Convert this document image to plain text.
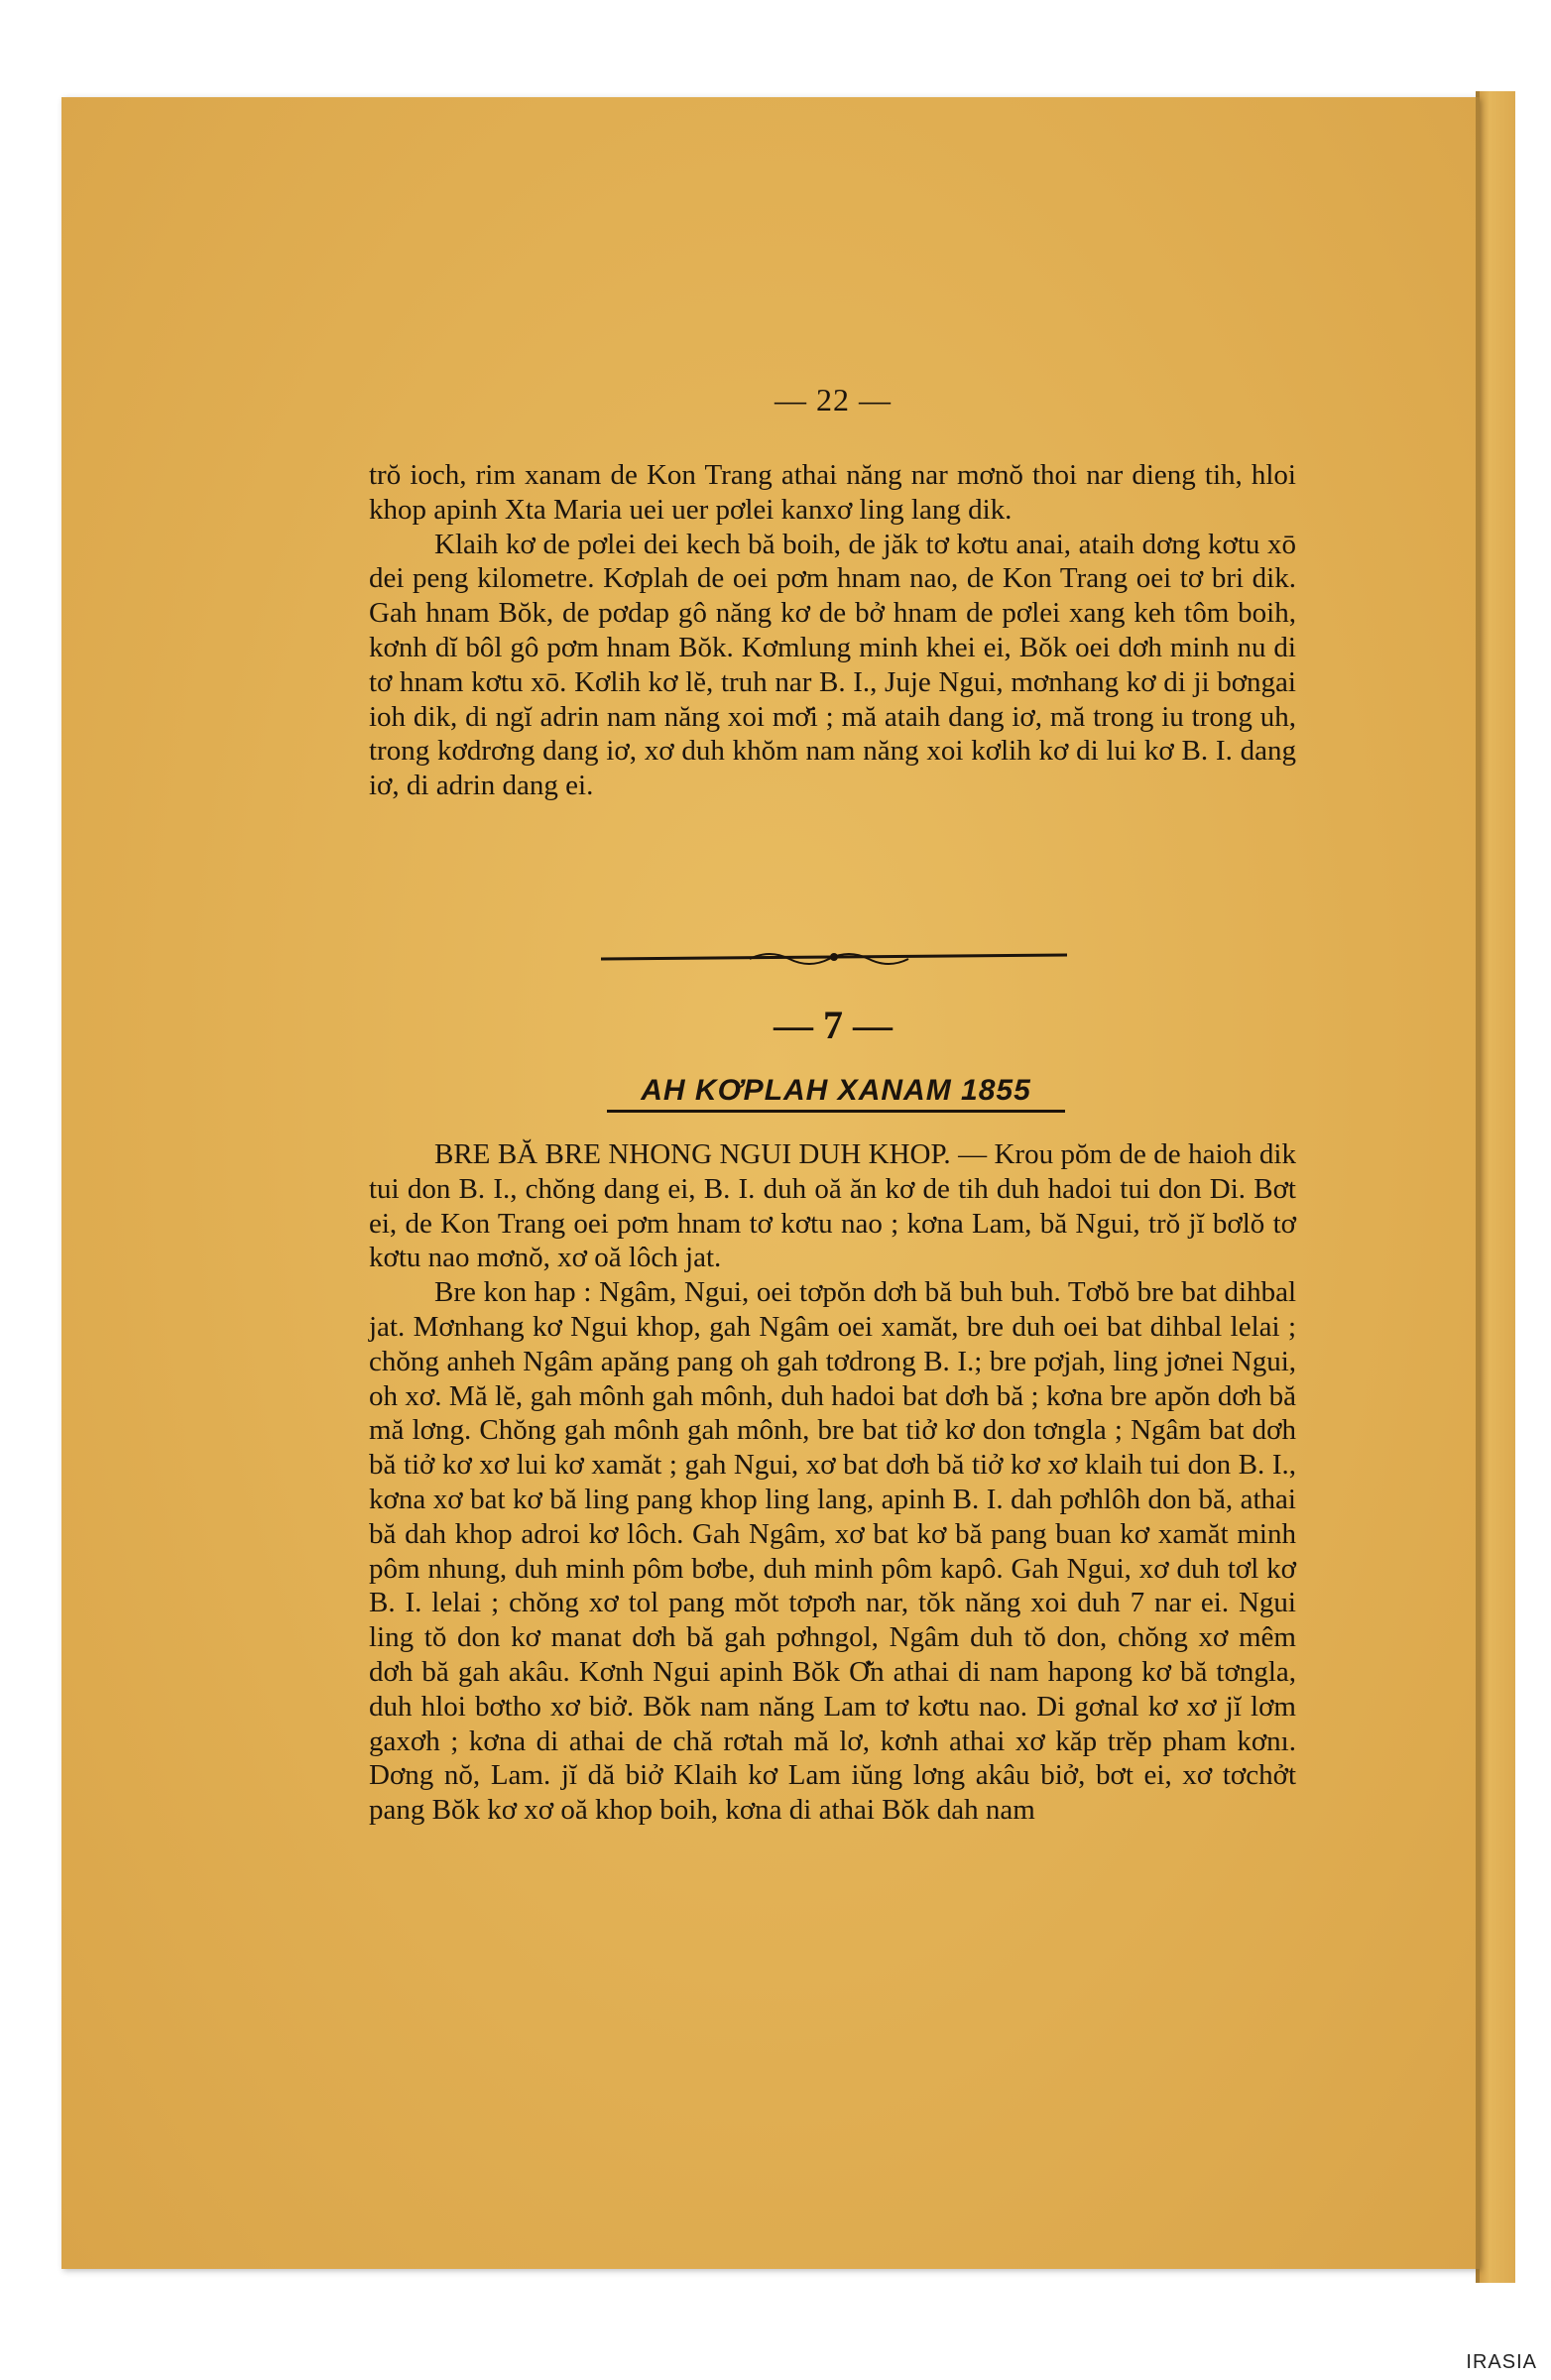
— 22 —

trŏ ioch, rim xanam de Kon Trang athai năng nar mơnŏ thoi nar dieng tih, hloi khop apinh Xta Maria uei uer pơlei kanxơ ling lang dik.

Klaih kơ de pơlei dei kech bă boih, de jăk tơ kơtu anai, ataih dơng kơtu xō dei peng kilometre. Kơplah de oei pơm hnam nao, de Kon Trang oei tơ bri dik. Gah hnam Bŏk, de pơdap gô năng kơ de bở hnam de pơlei xang keh tôm boih, kơnh dĭ bôl gô pơm hnam Bŏk. Kơmlung minh khei ei, Bŏk oei dơh minh nu di tơ hnam kơtu xō. Kơlih kơ lĕ, truh nar B. I., Juje Ngui, mơnhang kơ di ji bơngai ioh dik, di ngĭ adrin nam năng xoi mơ̆i ; mă ataih dang iơ, mă trong iu trong uh, trong kơdrơng dang iơ, xơ duh khŏm nam năng xoi kơlih kơ di lui kơ B. I. dang iơ, di adrin dang ei.

— 7 —
AH KƠPLAH XANAM 1855

BRE BĂ BRE NHONG NGUI DUH KHOP. — Krou pŏm de de haioh dik tui don B. I., chŏng dang ei, B. I. duh oă ăn kơ de tih duh hadoi tui don Di. Bơt ei, de Kon Trang oei pơm hnam tơ kơtu nao ; kơna Lam, bă Ngui, trŏ jĭ bơlŏ tơ kơtu nao mơnŏ, xơ oă lôch jat.

Bre kon hap : Ngâm, Ngui, oei tơpŏn dơh bă buh buh. Tơbŏ bre bat dihbal jat. Mơnhang kơ Ngui khop, gah Ngâm oei xamăt, bre duh oei bat dihbal lelai ; chŏng anheh Ngâm apăng pang oh gah tơdrong B. I.; bre pơjah, ling jơnei Ngui, oh xơ. Mă lĕ, gah mônh gah mônh, duh hadoi bat dơh bă ; kơna bre apŏn dơh bă mă lơng. Chŏng gah mônh gah mônh, bre bat tiở kơ don tơngla ; Ngâm bat dơh bă tiở kơ xơ lui kơ xamăt ; gah Ngui, xơ bat dơh bă tiở kơ xơ klaih tui don B. I., kơna xơ bat kơ bă ling pang khop ling lang, apinh B. I. dah pơhlôh don bă, athai bă dah khop adroi kơ lôch. Gah Ngâm, xơ bat kơ bă pang buan kơ xamăt minh pôm nhung, duh minh pôm bơbe, duh minh pôm kapô. Gah Ngui, xơ duh tơl kơ B. I. lelai ; chŏng xơ tol pang mŏt tơpơh nar, tŏk năng xoi duh 7 nar ei. Ngui ling tŏ don kơ manat dơh bă gah pơhngol, Ngâm duh tŏ don, chŏng xơ mêm dơh bă gah akâu. Kơnh Ngui apinh Bŏk Ơ̆n athai di nam hapong kơ bă tơngla, duh hloi bơtho xơ biở. Bŏk nam năng Lam tơ kơtu nao. Di gơnal kơ xơ jĭ lơm gaxơh ; kơna di athai de chă rơtah mă lơ, kơnh athai xơ kăp trĕp pham kơnı. Dơng nŏ, Lam. jĭ dă biở Klaih kơ Lam iŭng lơng akâu biở, bơt ei, xơ tơchởt pang Bŏk kơ xơ oă khop boih, kơna di athai Bŏk dah nam

IRASIA
